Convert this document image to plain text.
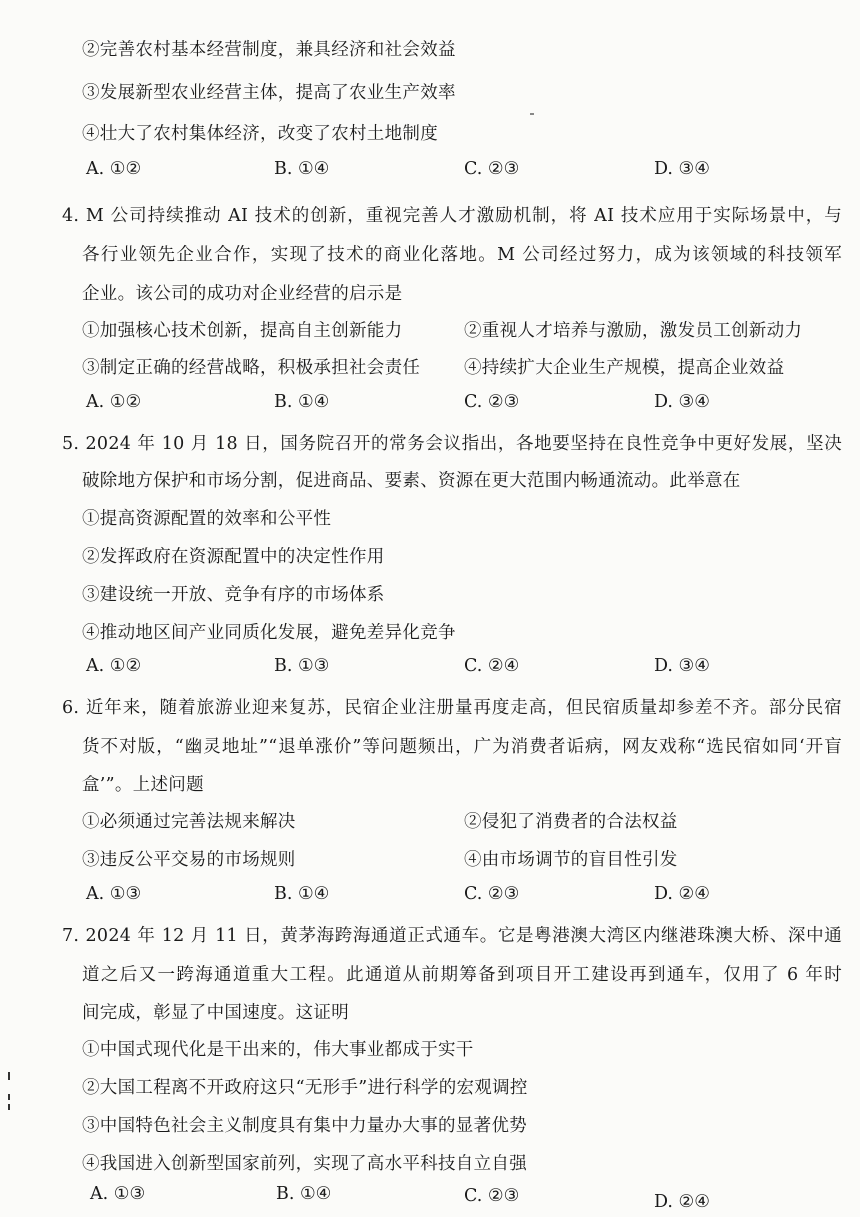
②完善农村基本经营制度，兼具经济和社会效益
③发展新型农业经营主体，提高了农业生产效率
④壮大了农村集体经济，改变了农村土地制度
A. ①②	B. ①④	C. ②③	D. ③④
4. M 公司持续推动 AI 技术的创新，重视完善人才激励机制，将 AI 技术应用于实际场景中，与
各行业领先企业合作，实现了技术的商业化落地。M 公司经过努力，成为该领域的科技领军
企业。该公司的成功对企业经营的启示是
①加强核心技术创新，提高自主创新能力	②重视人才培养与激励，激发员工创新动力
③制定正确的经营战略，积极承担社会责任	④持续扩大企业生产规模，提高企业效益
A. ①②	B. ①④	C. ②③	D. ③④
5. 2024 年 10 月 18 日，国务院召开的常务会议指出，各地要坚持在良性竞争中更好发展，坚决
破除地方保护和市场分割，促进商品、要素、资源在更大范围内畅通流动。此举意在
①提高资源配置的效率和公平性
②发挥政府在资源配置中的决定性作用
③建设统一开放、竞争有序的市场体系
④推动地区间产业同质化发展，避免差异化竞争
A. ①②	B. ①③	C. ②④	D. ③④
6. 近年来，随着旅游业迎来复苏，民宿企业注册量再度走高，但民宿质量却参差不齐。部分民宿
货不对版，“幽灵地址”“退单涨价”等问题频出，广为消费者诟病，网友戏称“选民宿如同‘开盲
盒’”。上述问题
①必须通过完善法规来解决	②侵犯了消费者的合法权益
③违反公平交易的市场规则	④由市场调节的盲目性引发
A. ①③	B. ①④	C. ②③	D. ②④
7. 2024 年 12 月 11 日，黄茅海跨海通道正式通车。它是粤港澳大湾区内继港珠澳大桥、深中通
道之后又一跨海通道重大工程。此通道从前期筹备到项目开工建设再到通车，仅用了 6 年时
间完成，彰显了中国速度。这证明
①中国式现代化是干出来的，伟大事业都成于实干
②大国工程离不开政府这只“无形手”进行科学的宏观调控
③中国特色社会主义制度具有集中力量办大事的显著优势
④我国进入创新型国家前列，实现了高水平科技自立自强
A. ①③	B. ①④	C. ②③	D. ②④
